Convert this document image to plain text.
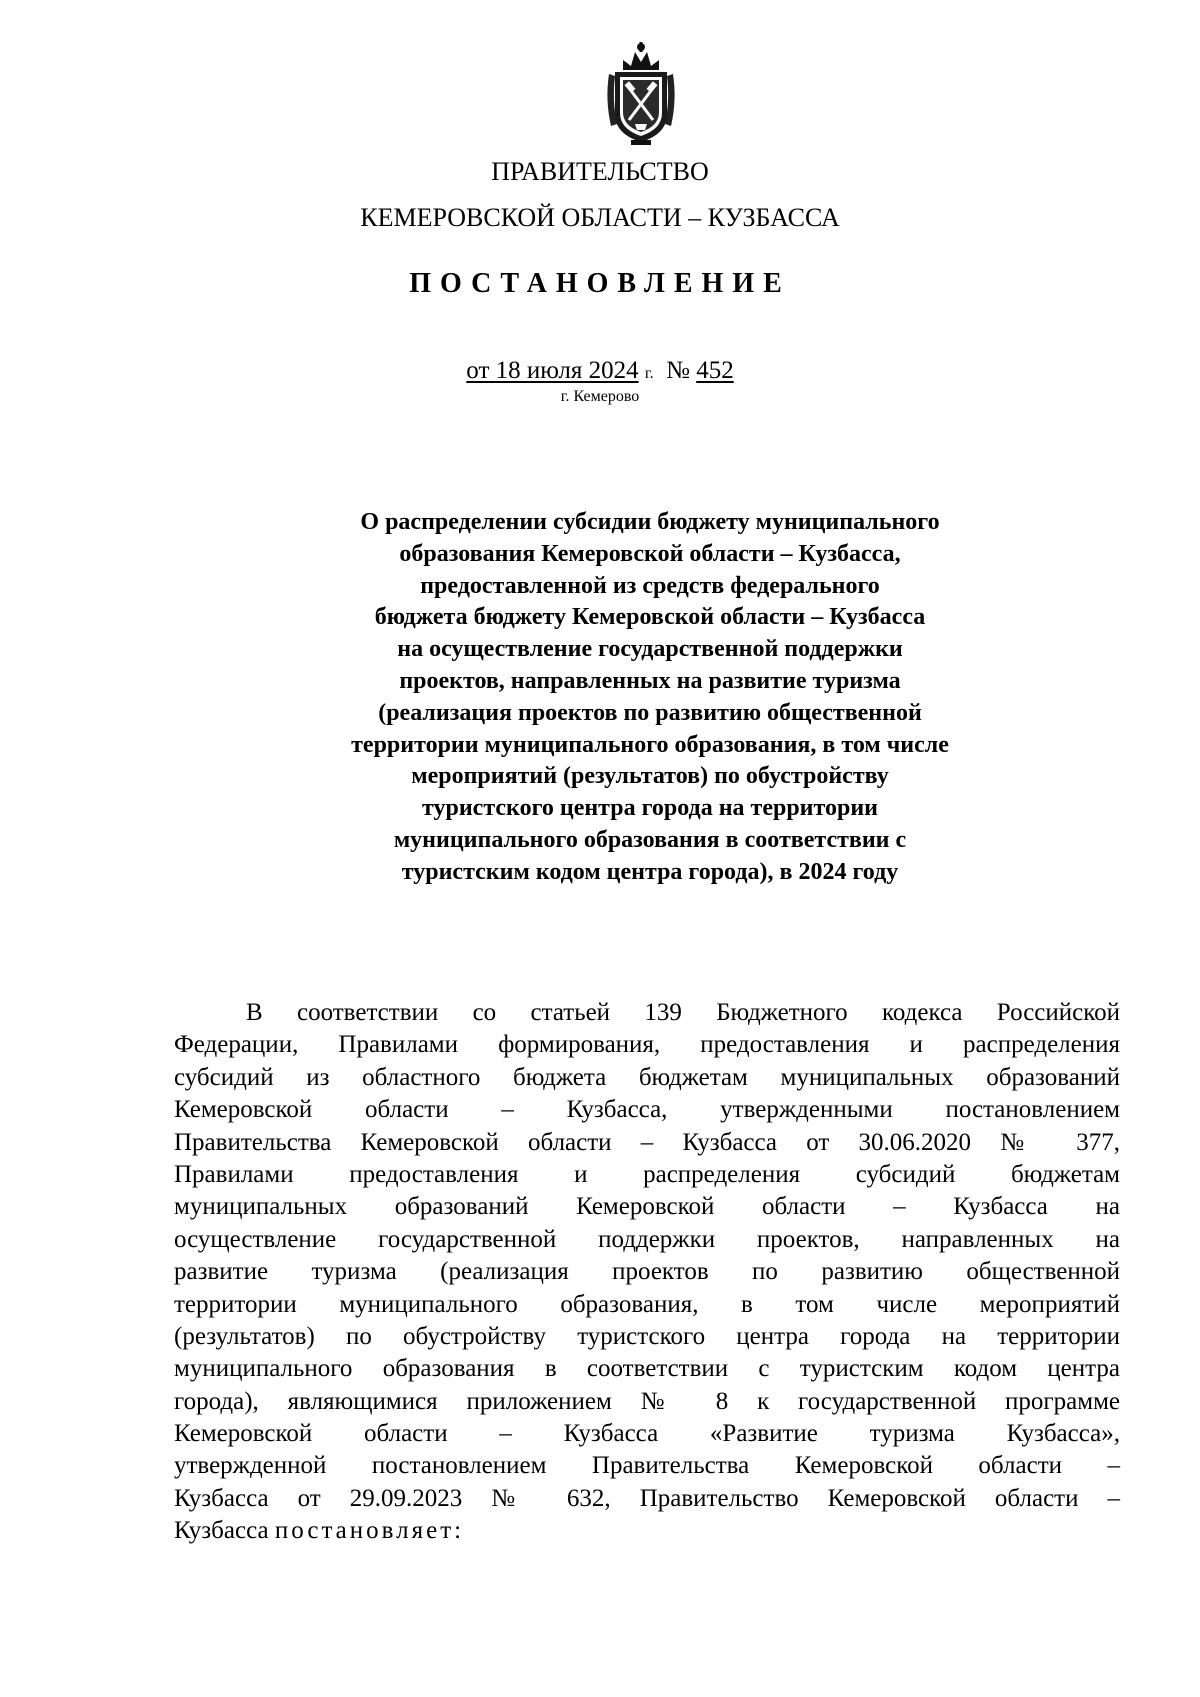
ПРАВИТЕЛЬСТВО
КЕМЕРОВСКОЙ ОБЛАСТИ – КУЗБАССА
ПОСТАНОВЛЕНИЕ
от 18 июля 2024 г. № 452
г. Кемерово
О распределении субсидии бюджету муниципального
образования Кемеровской области – Кузбасса,
предоставленной из средств федерального
бюджета бюджету Кемеровской области – Кузбасса
на осуществление государственной поддержки
проектов, направленных на развитие туризма
(реализация проектов по развитию общественной
территории муниципального образования, в том числе
мероприятий (результатов) по обустройству
туристского центра города на территории
муниципального образования в соответствии с
туристским кодом центра города), в 2024 году
В соответствии со статьей 139 Бюджетного кодекса Российской
Федерации, Правилами формирования, предоставления и распределения
субсидий из областного бюджета бюджетам муниципальных образований
Кемеровской области – Кузбасса, утвержденными постановлением
Правительства Кемеровской области – Кузбасса от 30.06.2020 № 377,
Правилами предоставления и распределения субсидий бюджетам
муниципальных образований Кемеровской области – Кузбасса на
осуществление государственной поддержки проектов, направленных на
развитие туризма (реализация проектов по развитию общественной
территории муниципального образования, в том числе мероприятий
(результатов) по обустройству туристского центра города на территории
муниципального образования в соответствии с туристским кодом центра
города), являющимися приложением № 8 к государственной программе
Кемеровской области – Кузбасса «Развитие туризма Кузбасса»,
утвержденной постановлением Правительства Кемеровской области –
Кузбасса от 29.09.2023 № 632, Правительство Кемеровской области –
Кузбасса постановляет:
